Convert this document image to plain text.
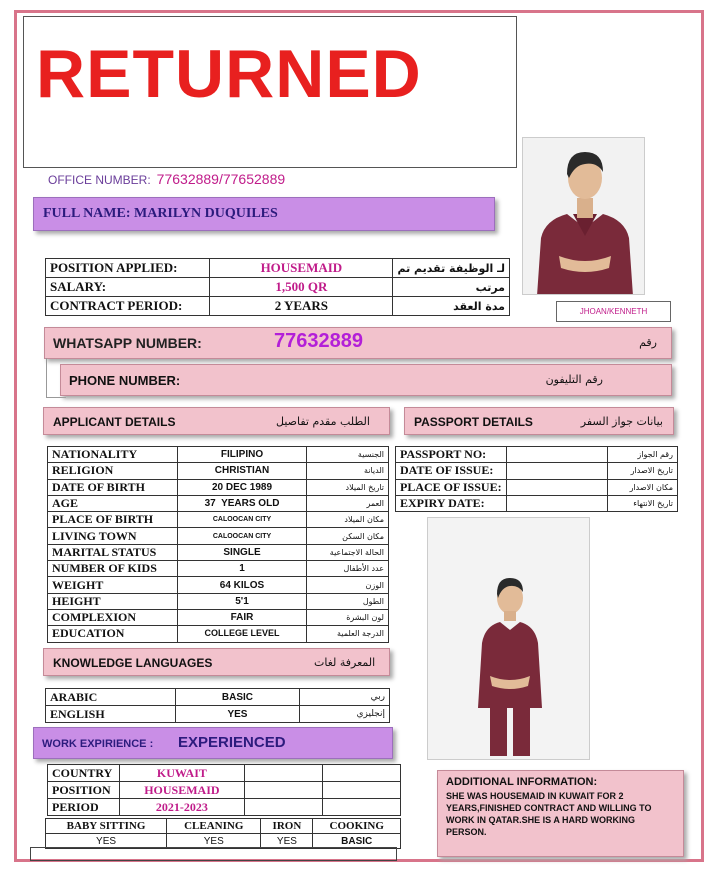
RETURNED
OFFICE NUMBER: 77632889/77652889
FULL NAME: MARILYN DUQUILES
JHOAN/KENNETH
POSITION APPLIED:	HOUSEMAID	لـ الوظيفة تقديم تم
SALARY:	1,500 QR	مرتب
CONTRACT PERIOD:	2 YEARS	مدة العقد
WHATSAPP NUMBER:	77632889	رقم
PHONE NUMBER:	رقم التليفون
APPLICANT DETAILS	الطلب مقدم تفاصيل	PASSPORT DETAILS	بيانات جواز السفر
NATIONALITY	FILIPINO	الجنسية
RELIGION	CHRISTIAN	الديانة
DATE OF BIRTH	20 DEC 1989	تاريخ الميلاد
AGE	37  YEARS OLD	العمر
PLACE OF BIRTH	CALOOCAN CITY	مكان الميلاد
LIVING TOWN	CALOOCAN CITY	مكان السكن
MARITAL STATUS	SINGLE	الحالة الاجتماعية
NUMBER OF KIDS	1	عدد الأطفال
WEIGHT	64 KILOS	الوزن
HEIGHT	5'1	الطول
COMPLEXION	FAIR	لون البشرة
EDUCATION	COLLEGE LEVEL	الدرجة العلمية
PASSPORT NO:		رقم الجواز
DATE OF ISSUE:		تاريخ الاصدار
PLACE OF ISSUE:		مكان الاصدار
EXPIRY DATE:		تاريخ الانتهاء
KNOWLEDGE LANGUAGES	المعرفة لغات
ARABIC	BASIC	ربي
ENGLISH	YES	إنجليزي
WORK EXPIRIENCE : EXPERIENCED
COUNTRY	KUWAIT		
POSITION	HOUSEMAID		
PERIOD	2021-2023		
BABY SITTING	CLEANING	IRON	COOKING
YES	YES	YES	BASIC
ADDITIONAL INFORMATION:
SHE WAS HOUSEMAID IN KUWAIT FOR 2 YEARS,FINISHED CONTRACT AND WILLING TO WORK IN QATAR.SHE IS A HARD WORKING PERSON.
